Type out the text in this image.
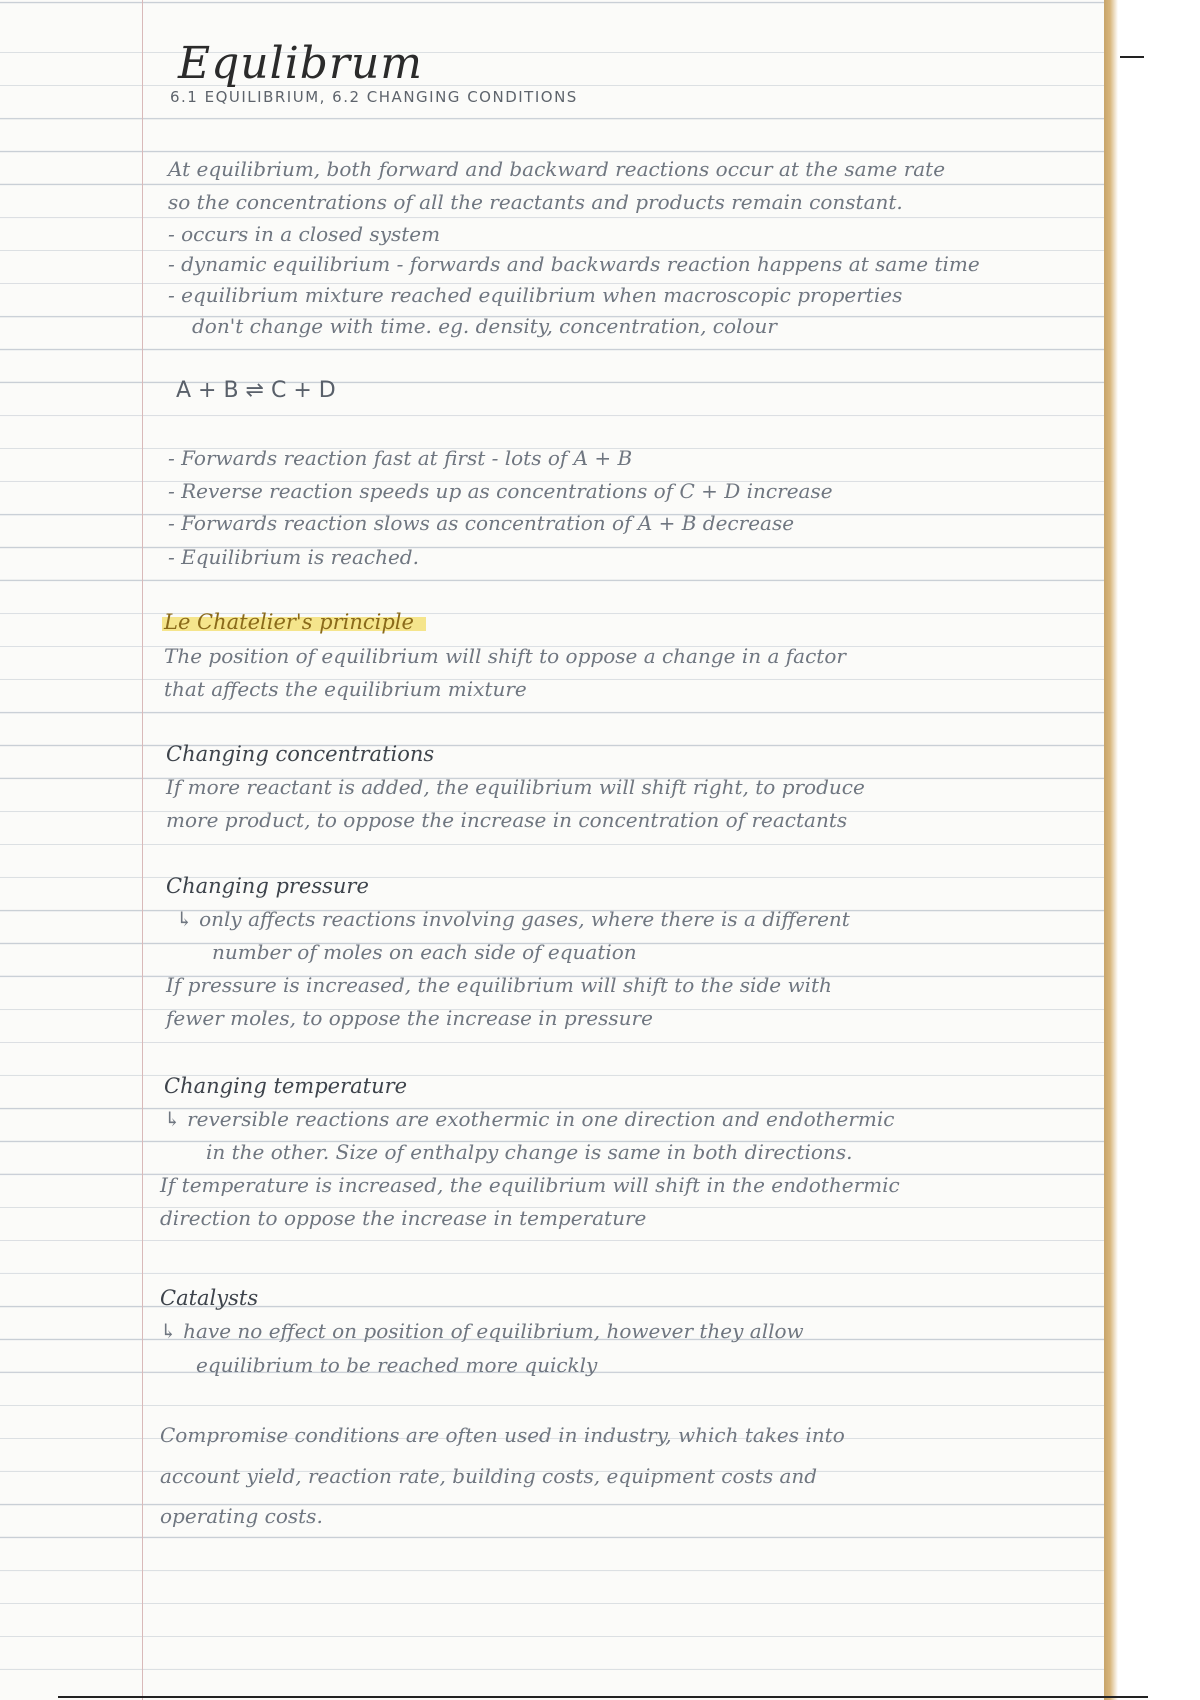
Equlibrum
6.1 EQUILIBRIUM, 6.2 CHANGING CONDITIONS
At equilibrium, both forward and backward reactions occur at the same rate
so the concentrations of all the reactants and products remain constant.
- occurs in a closed system
- dynamic equilibrium - forwards and backwards reaction happens at same time
- equilibrium mixture reached equilibrium when macroscopic properties
don't change with time. eg. density, concentration, colour
A + B ⇌ C + D
- Forwards reaction fast at first - lots of A + B
- Reverse reaction speeds up as concentrations of C + D increase
- Forwards reaction slows as concentration of A + B decrease
- Equilibrium is reached.
Le Chatelier's principle
The position of equilibrium will shift to oppose a change in a factor
that affects the equilibrium mixture
Changing concentrations
If more reactant is added, the equilibrium will shift right, to produce
more product, to oppose the increase in concentration of reactants
Changing pressure
↳ only affects reactions involving gases, where there is a different
number of moles on each side of equation
If pressure is increased, the equilibrium will shift to the side with
fewer moles, to oppose the increase in pressure
Changing temperature
↳ reversible reactions are exothermic in one direction and endothermic
in the other. Size of enthalpy change is same in both directions.
If temperature is increased, the equilibrium will shift in the endothermic
direction to oppose the increase in temperature
Catalysts
↳ have no effect on position of equilibrium, however they allow
equilibrium to be reached more quickly
Compromise conditions are often used in industry, which takes into
account yield, reaction rate, building costs, equipment costs and
operating costs.
